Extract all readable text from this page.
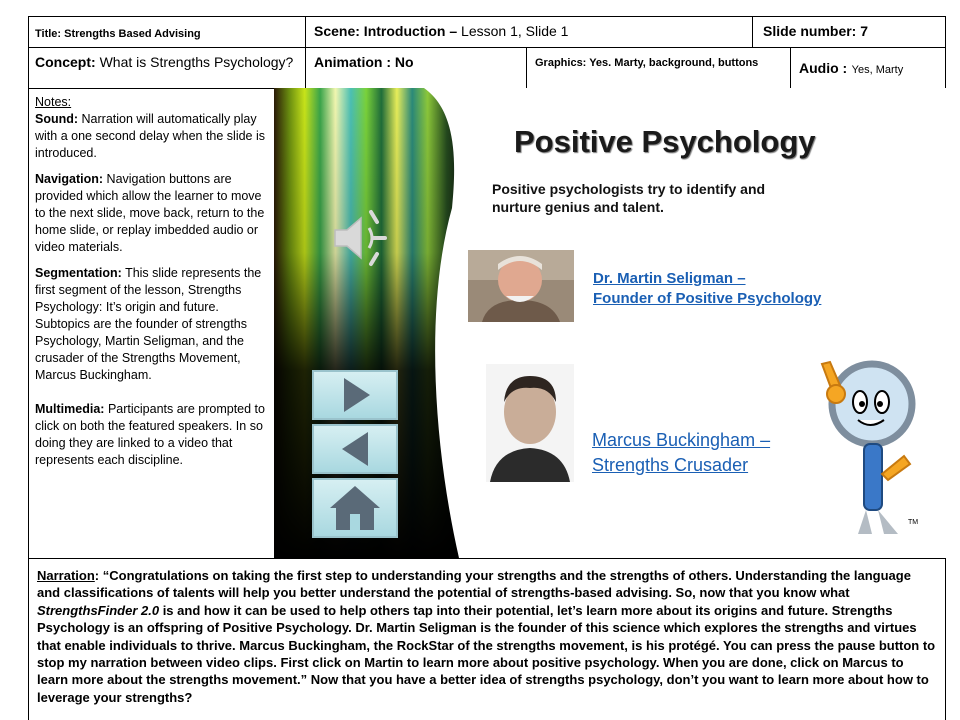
Title: Strengths Based Advising	Scene: Introduction – Lesson 1, Slide 1	Slide number: 7
Concept: What is Strengths Psychology?	Animation : No	Graphics: Yes. Marty, background, buttons	Audio : Yes, Marty
Notes:

Sound: Narration will automatically play with a one second delay when the slide is introduced.

Navigation: Navigation buttons are provided which allow the learner to move to the next slide, move back, return to the home slide, or replay imbedded audio or video materials.

Segmentation: This slide represents the first segment of the lesson, Strengths Psychology: It’s origin and future. Subtopics are the founder of strengths Psychology, Martin Seligman, and the crusader of the Strengths Movement, Marcus Buckingham.

Multimedia: Participants are prompted to click on both the featured speakers. In so doing they are linked to a video that represents each discipline.

Positive Psychology
Positive psychologists try to identify and
nurture genius and talent.
Dr. Martin Seligman –
Founder of Positive Psychology
Marcus Buckingham –
Strengths Crusader
TM
Narration: “Congratulations on taking the first step to understanding your strengths and the strengths of others. Understanding the language and classifications of talents will help you better understand the potential of strengths-based advising. So, now that you know what StrengthsFinder 2.0 is and how it can be used to help others tap into their potential, let’s learn more about its origins and future. Strengths Psychology is an offspring of Positive Psychology. Dr. Martin Seligman is the founder of this science which explores the strengths and virtues that enable individuals to thrive. Marcus Buckingham, the RockStar of the strengths movement, is his protégé. You can press the pause button to stop my narration between video clips. First click on Martin to learn more about positive psychology. When you are done, click on Marcus to learn more about the strengths movement.” Now that you have a better idea of strengths psychology, don’t you want to learn more about how to leverage your strengths?
